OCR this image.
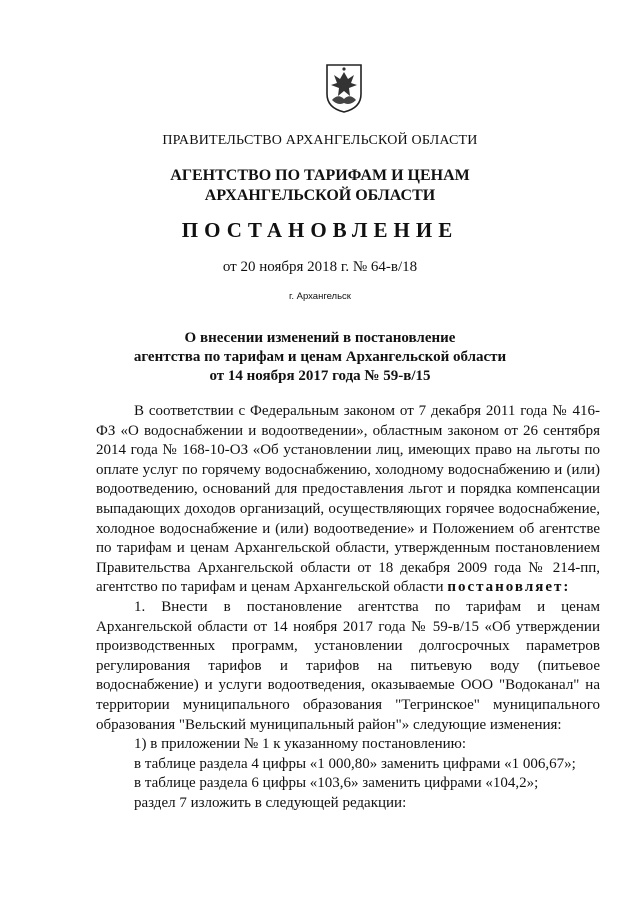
ПРАВИТЕЛЬСТВО АРХАНГЕЛЬСКОЙ ОБЛАСТИ
АГЕНТСТВО ПО ТАРИФАМ И ЦЕНАМ
АРХАНГЕЛЬСКОЙ ОБЛАСТИ
ПОСТАНОВЛЕНИЕ
от 20 ноября 2018 г. № 64-в/18
г. Архангельск
О внесении изменений в постановление
агентства по тарифам и ценам Архангельской области
от 14 ноября 2017 года № 59-в/15

В соответствии с Федеральным законом от 7 декабря 2011 года № 416-ФЗ «О водоснабжении и водоотведении», областным законом от 26 сентября 2014 года № 168-10-ОЗ «Об установлении лиц, имеющих право на льготы по оплате услуг по горячему водоснабжению, холодному водоснабжению и (или) водоотведению, оснований для предоставления льгот и порядка компенсации выпадающих доходов организаций, осуществляющих горячее водоснабжение, холодное водоснабжение и (или) водоотведение» и Положением об агентстве по тарифам и ценам Архангельской области, утвержденным постановлением Правительства Архангельской области от 18 декабря 2009 года № 214-пп, агентство по тарифам и ценам Архангельской области постановляет:

1. Внести в постановление агентства по тарифам и ценам Архангельской области от 14 ноября 2017 года № 59-в/15 «Об утверждении производственных программ, установлении долгосрочных параметров регулирования тарифов и тарифов на питьевую воду (питьевое водоснабжение) и услуги водоотведения, оказываемые ООО "Водоканал" на территории муниципального образования "Тегринское" муниципального образования "Вельский муниципальный район"» следующие изменения:

1) в приложении № 1 к указанному постановлению:

в таблице раздела 4 цифры «1 000,80» заменить цифрами «1 006,67»;

в таблице раздела 6 цифры «103,6» заменить цифрами «104,2»;

раздел 7 изложить в следующей редакции:
